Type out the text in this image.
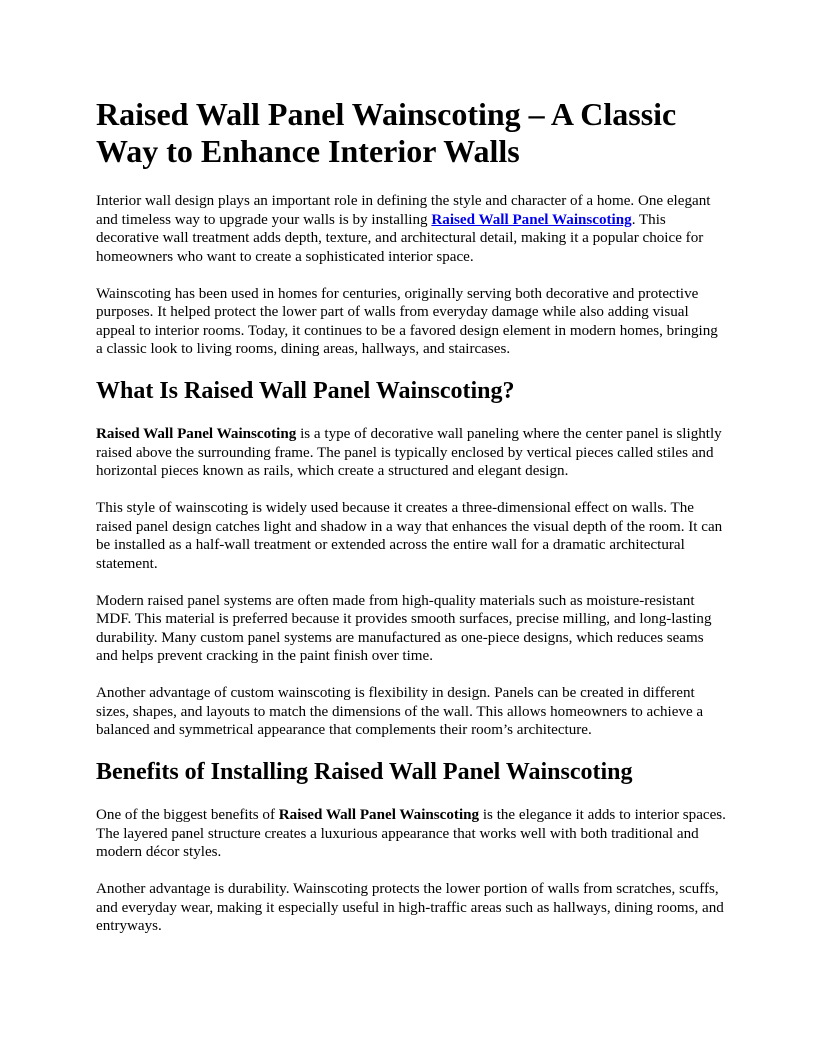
Raised Wall Panel Wainscoting – A Classic Way to Enhance Interior Walls

Interior wall design plays an important role in defining the style and character of a home. One elegant and timeless way to upgrade your walls is by installing Raised Wall Panel Wainscoting. This decorative wall treatment adds depth, texture, and architectural detail, making it a popular choice for homeowners who want to create a sophisticated interior space.

Wainscoting has been used in homes for centuries, originally serving both decorative and protective purposes. It helped protect the lower part of walls from everyday damage while also adding visual appeal to interior rooms. Today, it continues to be a favored design element in modern homes, bringing a classic look to living rooms, dining areas, hallways, and staircases.

What Is Raised Wall Panel Wainscoting?

Raised Wall Panel Wainscoting is a type of decorative wall paneling where the center panel is slightly raised above the surrounding frame. The panel is typically enclosed by vertical pieces called stiles and horizontal pieces known as rails, which create a structured and elegant design.

This style of wainscoting is widely used because it creates a three-dimensional effect on walls. The raised panel design catches light and shadow in a way that enhances the visual depth of the room. It can be installed as a half-wall treatment or extended across the entire wall for a dramatic architectural statement.

Modern raised panel systems are often made from high-quality materials such as moisture-resistant MDF. This material is preferred because it provides smooth surfaces, precise milling, and long-lasting durability. Many custom panel systems are manufactured as one-piece designs, which reduces seams and helps prevent cracking in the paint finish over time.

Another advantage of custom wainscoting is flexibility in design. Panels can be created in different sizes, shapes, and layouts to match the dimensions of the wall. This allows homeowners to achieve a balanced and symmetrical appearance that complements their room’s architecture.

Benefits of Installing Raised Wall Panel Wainscoting

One of the biggest benefits of Raised Wall Panel Wainscoting is the elegance it adds to interior spaces. The layered panel structure creates a luxurious appearance that works well with both traditional and modern décor styles.

Another advantage is durability. Wainscoting protects the lower portion of walls from scratches, scuffs, and everyday wear, making it especially useful in high-traffic areas such as hallways, dining rooms, and entryways.
